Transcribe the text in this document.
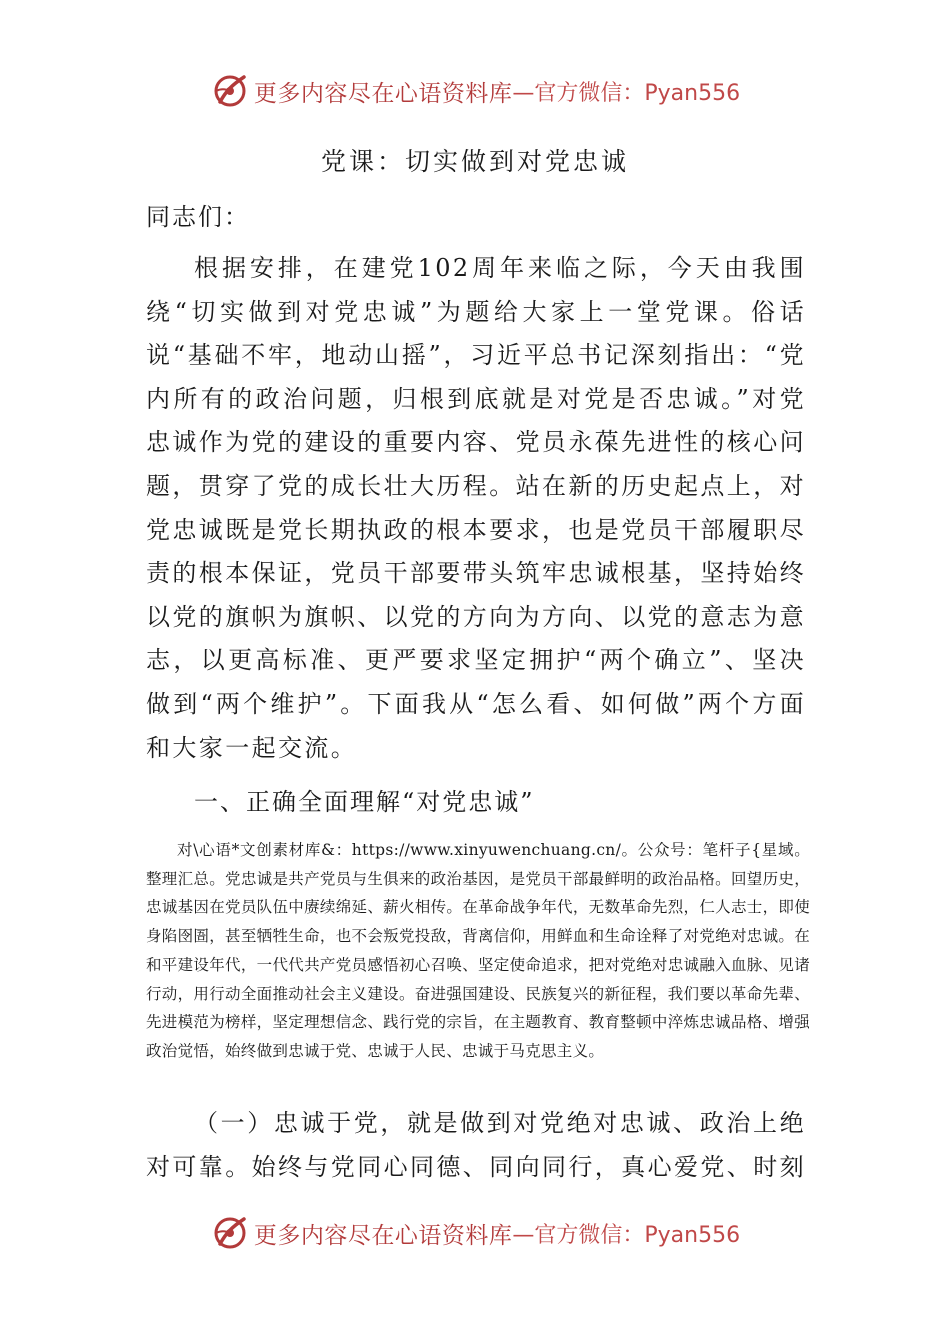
更多内容尽在心语资料库 —官方微信：Pyan556
党课：切实做到对党忠诚
同志们：

根据安排，在建党102周年来临之际，今天由我围绕“切实做到对党忠诚”为题给大家上一堂党课。俗话说“基础不牢，地动山摇”，习近平总书记深刻指出：“党内所有的政治问题，归根到底就是对党是否忠诚。”对党忠诚作为党的建设的重要内容、党员永葆先进性的核心问题，贯穿了党的成长壮大历程。站在新的历史起点上，对党忠诚既是党长期执政的根本要求，也是党员干部履职尽责的根本保证，党员干部要带头筑牢忠诚根基，坚持始终以党的旗帜为旗帜、以党的方向为方向、以党的意志为意志，以更高标准、更严要求坚定拥护“两个确立”、坚决做到“两个维护”。下面我从“怎么看、如何做”两个方面和大家一起交流。

一、正确全面理解“对党忠诚”

对\心语*文创素材库&：https://www.xinyuwenchuang.cn/。公众号：笔杆子{星域。整理汇总。党忠诚是共产党员与生俱来的政治基因，是党员干部最鲜明的政治品格。回望历史，忠诚基因在党员队伍中赓续绵延、薪火相传。在革命战争年代，无数革命先烈，仁人志士，即使身陷囹圄，甚至牺牲生命，也不会叛党投敌，背离信仰，用鲜血和生命诠释了对党绝对忠诚。在和平建设年代，一代代共产党员感悟初心召唤、坚定使命追求，把对党绝对忠诚融入血脉、见诸行动，用行动全面推动社会主义建设。奋进强国建设、民族复兴的新征程，我们要以革命先辈、先进模范为榜样，坚定理想信念、践行党的宗旨，在主题教育、教育整顿中淬炼忠诚品格、增强政治觉悟，始终做到忠诚于党、忠诚于人民、忠诚于马克思主义。

（一）忠诚于党，就是做到对党绝对忠诚、政治上绝对可靠。始终与党同心同德、同向同行，真心爱党、时刻

更多内容尽在心语资料库 —官方微信：Pyan556
